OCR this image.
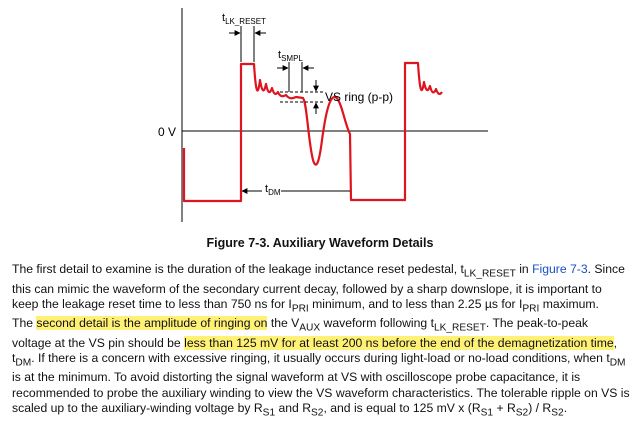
0 V
$t_{LK\_RESET}$
$t_{SMPL}$
VS ring (p-p)
$t_{DM}$
Figure 7-3. Auxiliary Waveform Details

The first detail to examine is the duration of the leakage inductance reset pedestal, $t_{LK\_RESET}$ in Figure 7-3. Since this can mimic the waveform of the secondary current decay, followed by a sharp downslope, it is important to keep the leakage reset time to less than 750 ns for $I_{PRI}$ minimum, and to less than 2.25 µs for $I_{PRI}$ maximum.

The second detail is the amplitude of ringing on the $V_{AUX}$ waveform following $t_{LK\_RESET}$. The peak-to-peak voltage at the VS pin should be less than 125 mV for at least 200 ns before the end of the demagnetization time, $t_{DM}$. If there is a concern with excessive ringing, it usually occurs during light-load or no-load conditions, when $t_{DM}$ is at the minimum. To avoid distorting the signal waveform at VS with oscilloscope probe capacitance, it is recommended to probe the auxiliary winding to view the VS waveform characteristics. The tolerable ripple on VS is scaled up to the auxiliary-winding voltage by $R_{S1}$ and $R_{S2}$, and is equal to 125 mV x $(R_{S1} + R_{S2}) / R_{S2}$.
